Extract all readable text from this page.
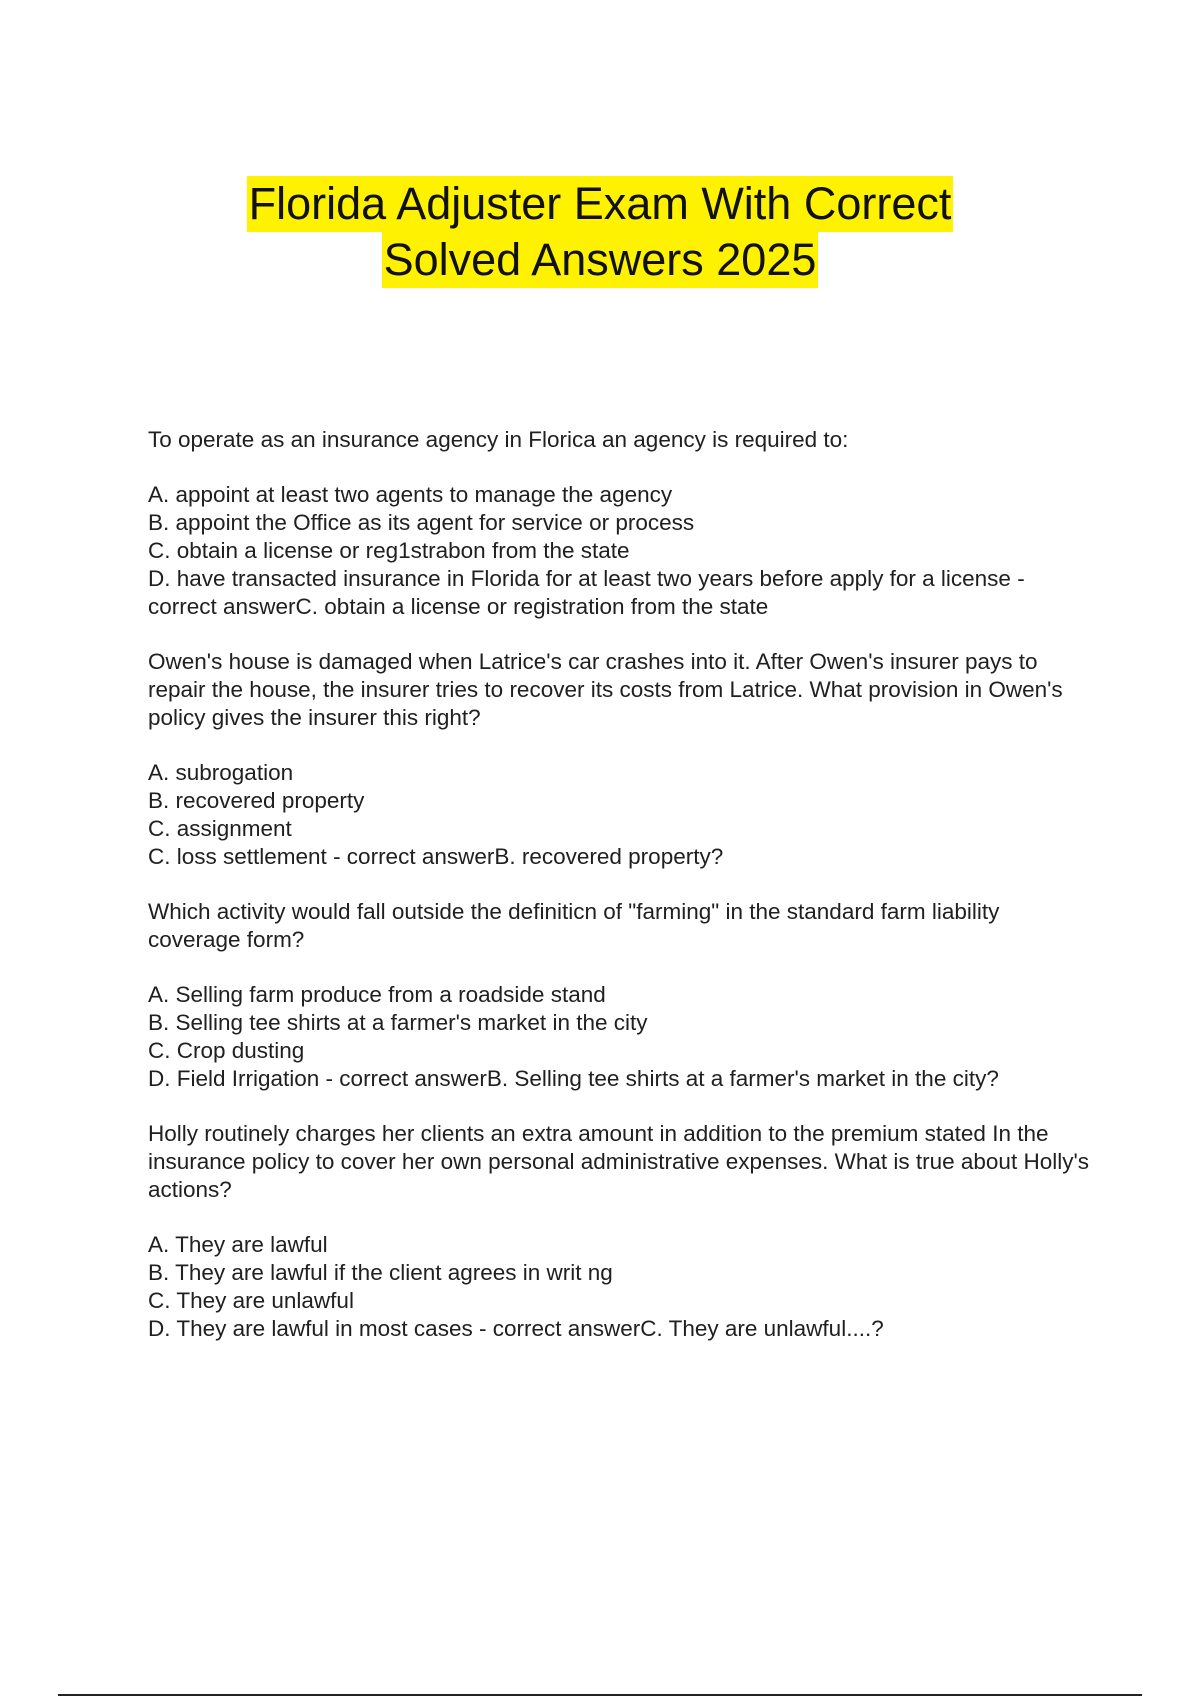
Florida Adjuster Exam With Correct
Solved Answers 2025

To operate as an insurance agency in Florica an agency is required to:

A. appoint at least two agents to manage the agency

B. appoint the Office as its agent for service or process

C. obtain a license or reg1strabon from the state

D. have transacted insurance in Florida for at least two years before apply for a license - correct answerC. obtain a license or registration from the state

Owen's house is damaged when Latrice's car crashes into it. After Owen's insurer pays to repair the house, the insurer tries to recover its costs from Latrice. What provision in Owen's policy gives the insurer this right?

A. subrogation

B. recovered property

C. assignment

C. loss settlement - correct answerB. recovered property?

Which activity would fall outside the definiticn of "farming" in the standard farm liability coverage form?

A. Selling farm produce from a roadside stand

B. Selling tee shirts at a farmer's market in the city

C. Crop dusting

D. Field Irrigation - correct answerB. Selling tee shirts at a farmer's market in the city?

Holly routinely charges her clients an extra amount in addition to the premium stated In the insurance policy to cover her own personal administrative expenses. What is true about Holly's actions?

A. They are lawful

B. They are lawful if the client agrees in writ ng

C. They are unlawful

D. They are lawful in most cases - correct answerC. They are unlawful....?
